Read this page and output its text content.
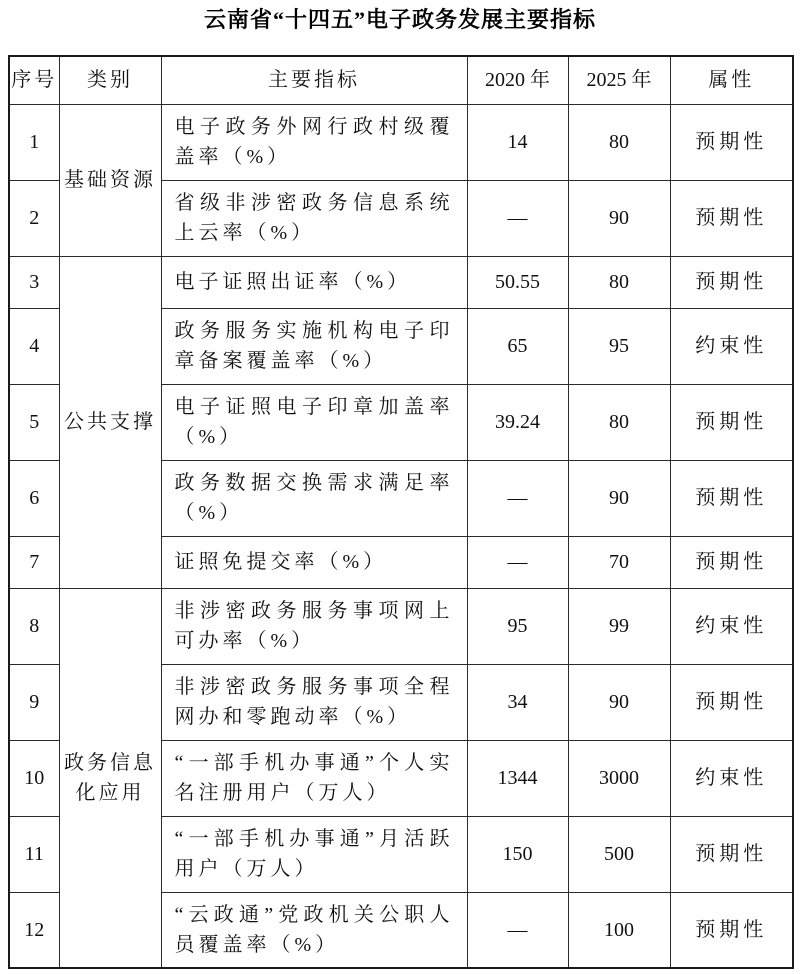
云南省“十四五”电子政务发展主要指标
序号	类别	主要指标	2020 年	2025 年	属性
1	基础资源	电子政务外网行政村级覆盖率（%）	14	80	预期性
2		省级非涉密政务信息系统上云率（%）	—	90	预期性
3	公共支撑	电子证照出证率（%）	50.55	80	预期性
4		政务服务实施机构电子印章备案覆盖率（%）	65	95	约束性
5		电子证照电子印章加盖率（%）	39.24	80	预期性
6		政务数据交换需求满足率（%）	—	90	预期性
7		证照免提交率（%）	—	70	预期性
8	政务信息化应用	非涉密政务服务事项网上可办率（%）	95	99	约束性
9		非涉密政务服务事项全程网办和零跑动率（%）	34	90	预期性
10		“一部手机办事通”个人实名注册用户（万人）	1344	3000	约束性
11		“一部手机办事通”月活跃用户（万人）	150	500	预期性
12		“云政通”党政机关公职人员覆盖率（%）	—	100	预期性
